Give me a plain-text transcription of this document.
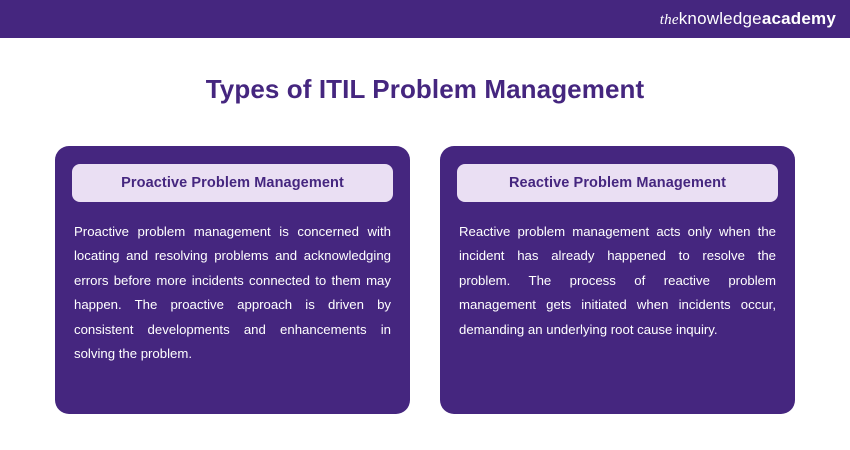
theknowledgeacademy
Types of ITIL Problem Management
Proactive Problem Management
Proactive problem management is concerned with locating and resolving problems and acknowledging errors before more incidents connected to them may happen. The proactive approach is driven by consistent developments and enhancements in solving the problem.
Reactive Problem Management
Reactive problem management acts only when the incident has already happened to resolve the problem. The process of reactive problem management gets initiated when incidents occur, demanding an underlying root cause inquiry.
